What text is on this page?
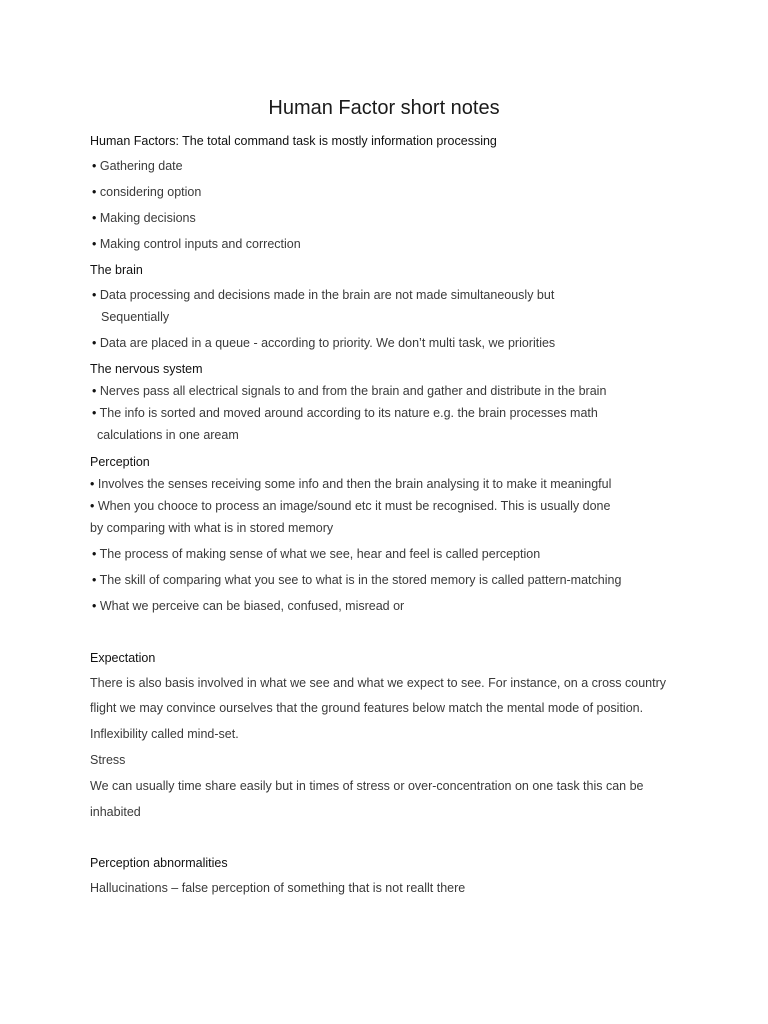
Human Factor short notes
Human Factors: The total command task is mostly information processing
• Gathering date
• considering option
• Making decisions
• Making control inputs and correction
The brain
• Data processing and decisions made in the brain are not made simultaneously but
Sequentially
• Data are placed in a queue - according to priority. We don’t multi task, we priorities
The nervous system
• Nerves pass all electrical signals to and from the brain and gather and distribute in the brain
• The info is sorted and moved around according to its nature e.g. the brain processes math
calculations in one aream
Perception
• Involves the senses receiving some info and then the brain analysing it to make it meaningful
• When you chooce to process an image/sound etc it must be recognised. This is usually done
by comparing with what is in stored memory
• The process of making sense of what we see, hear and feel is called perception
• The skill of comparing what you see to what is in the stored memory is called pattern-matching
• What we perceive can be biased, confused, misread or
Expectation
There is also basis involved in what we see and what we expect to see. For instance, on a cross country
flight we may convince ourselves that the ground features below match the mental mode of position.
Inflexibility called mind-set.
Stress
We can usually time share easily but in times of stress or over-concentration on one task this can be
inhabited
Perception abnormalities
Hallucinations – false perception of something that is not reallt there
